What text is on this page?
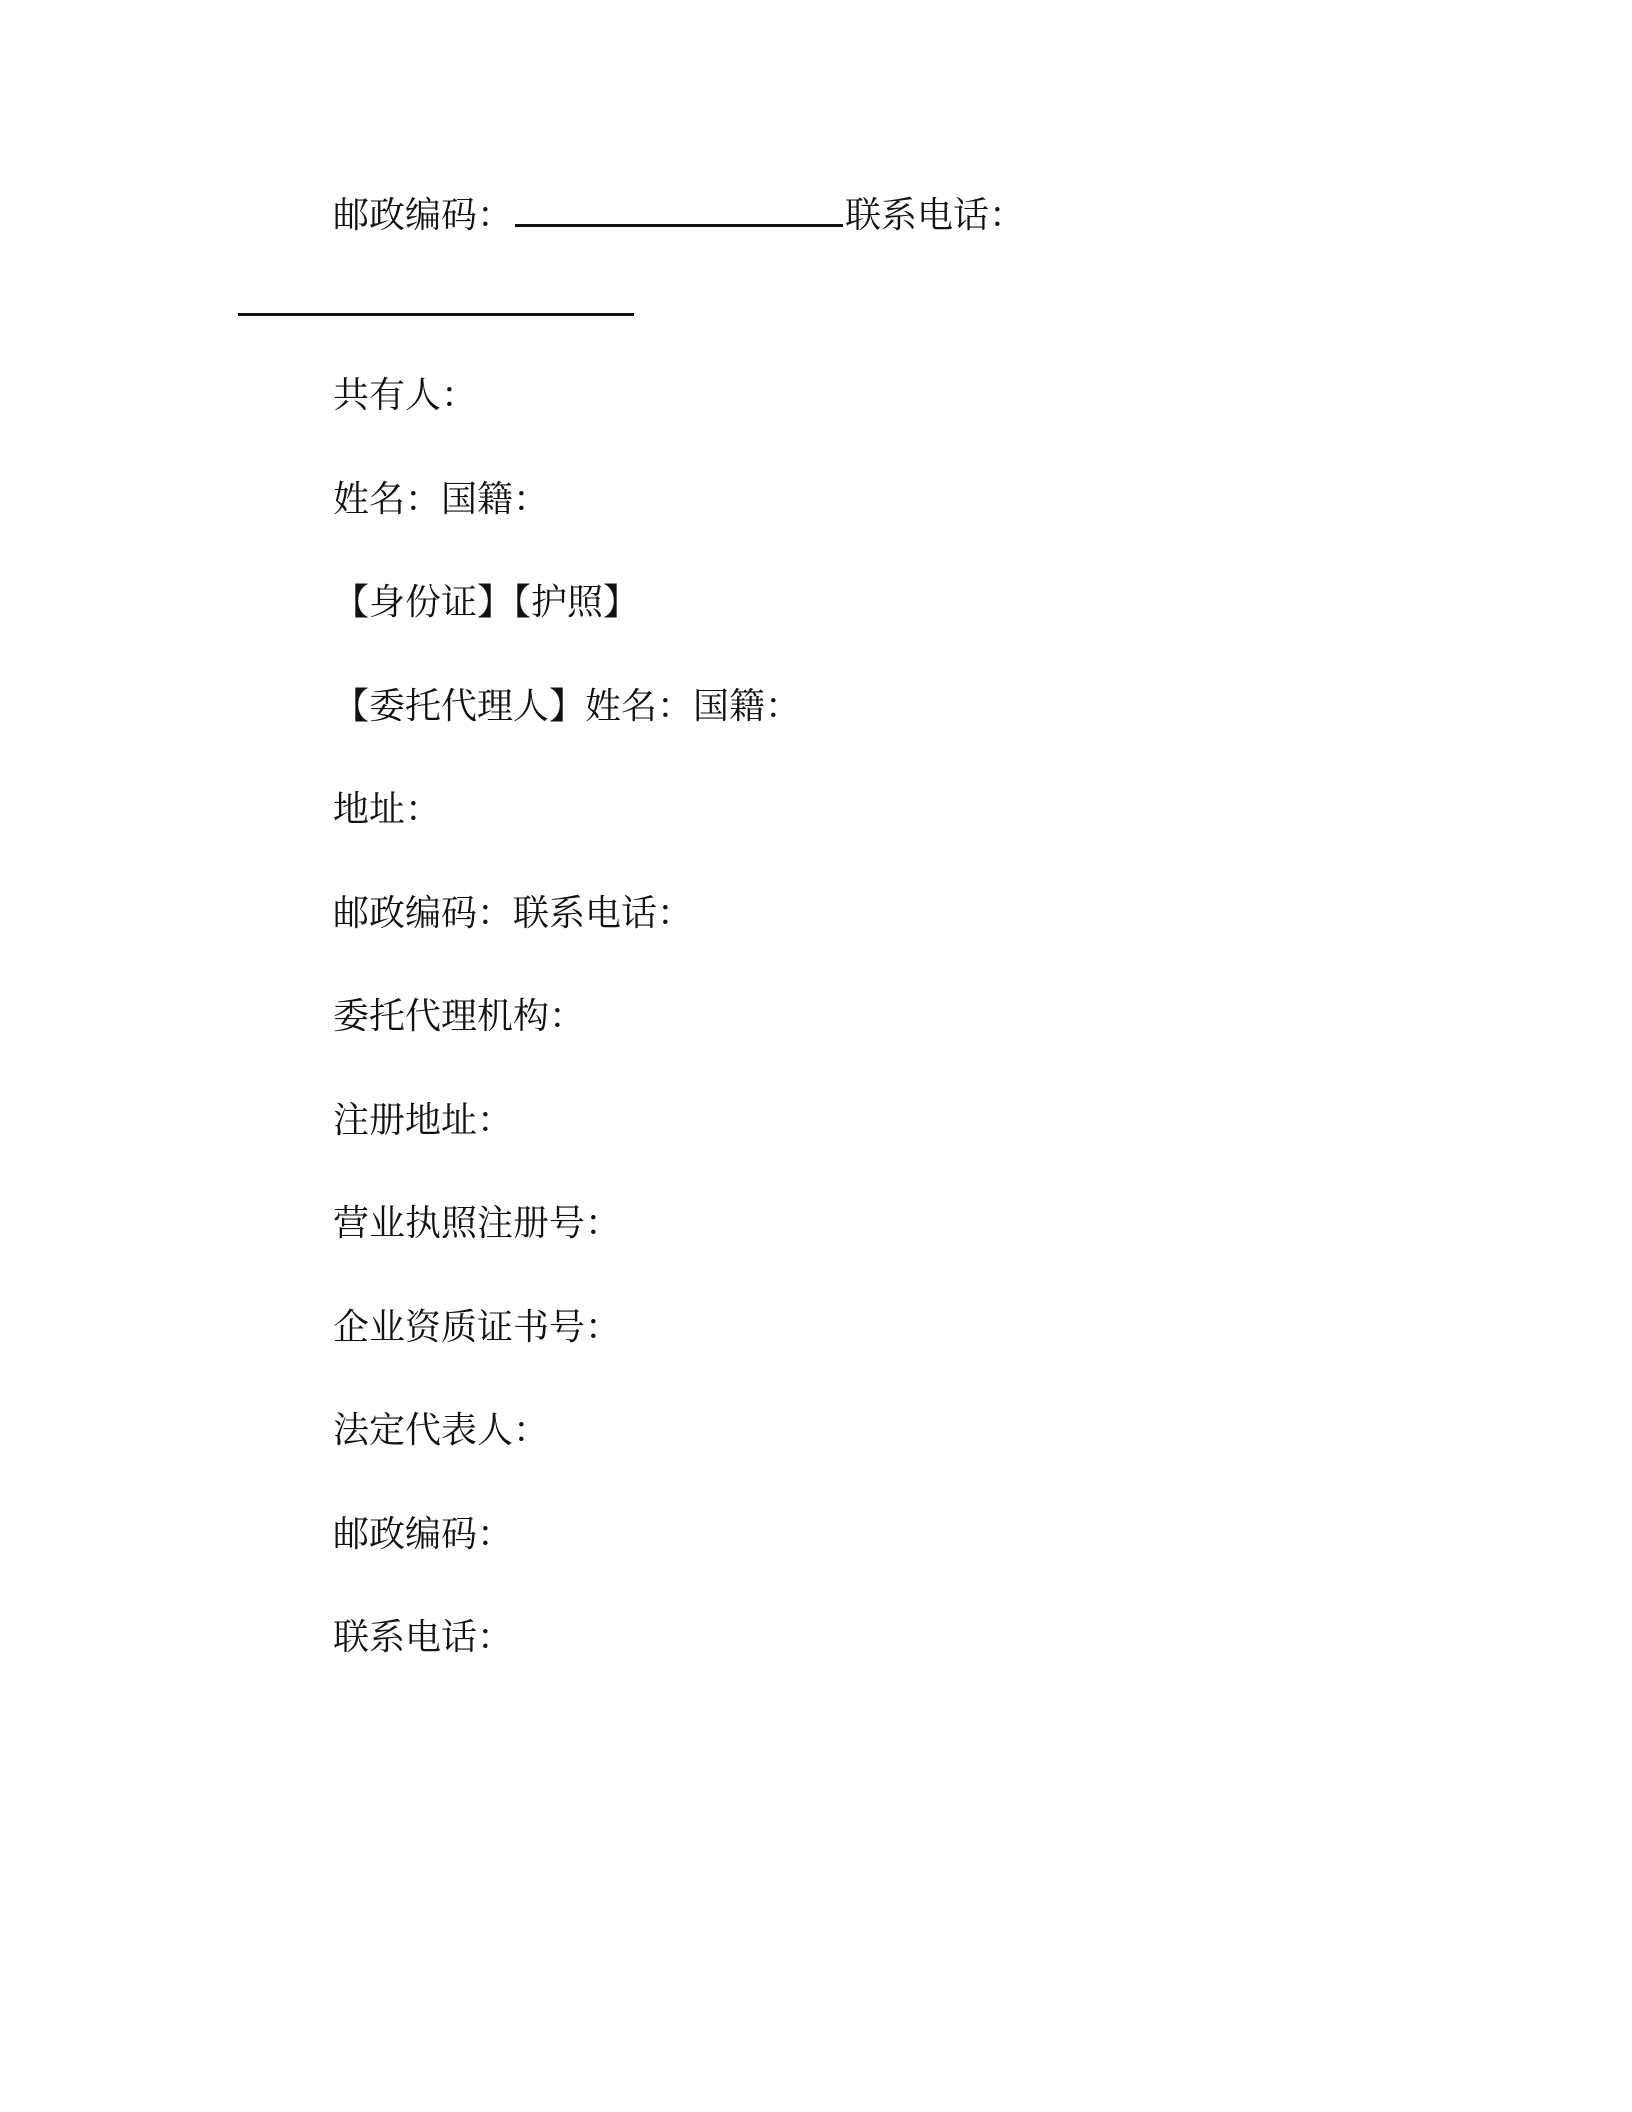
邮政编码：	联系电话：
共有人：
姓名：国籍：
【身份证】【护照】
【委托代理人】姓名：国籍：
地址：
邮政编码：联系电话：
委托代理机构：
注册地址：
营业执照注册号：
企业资质证书号：
法定代表人：
邮政编码：
联系电话：
